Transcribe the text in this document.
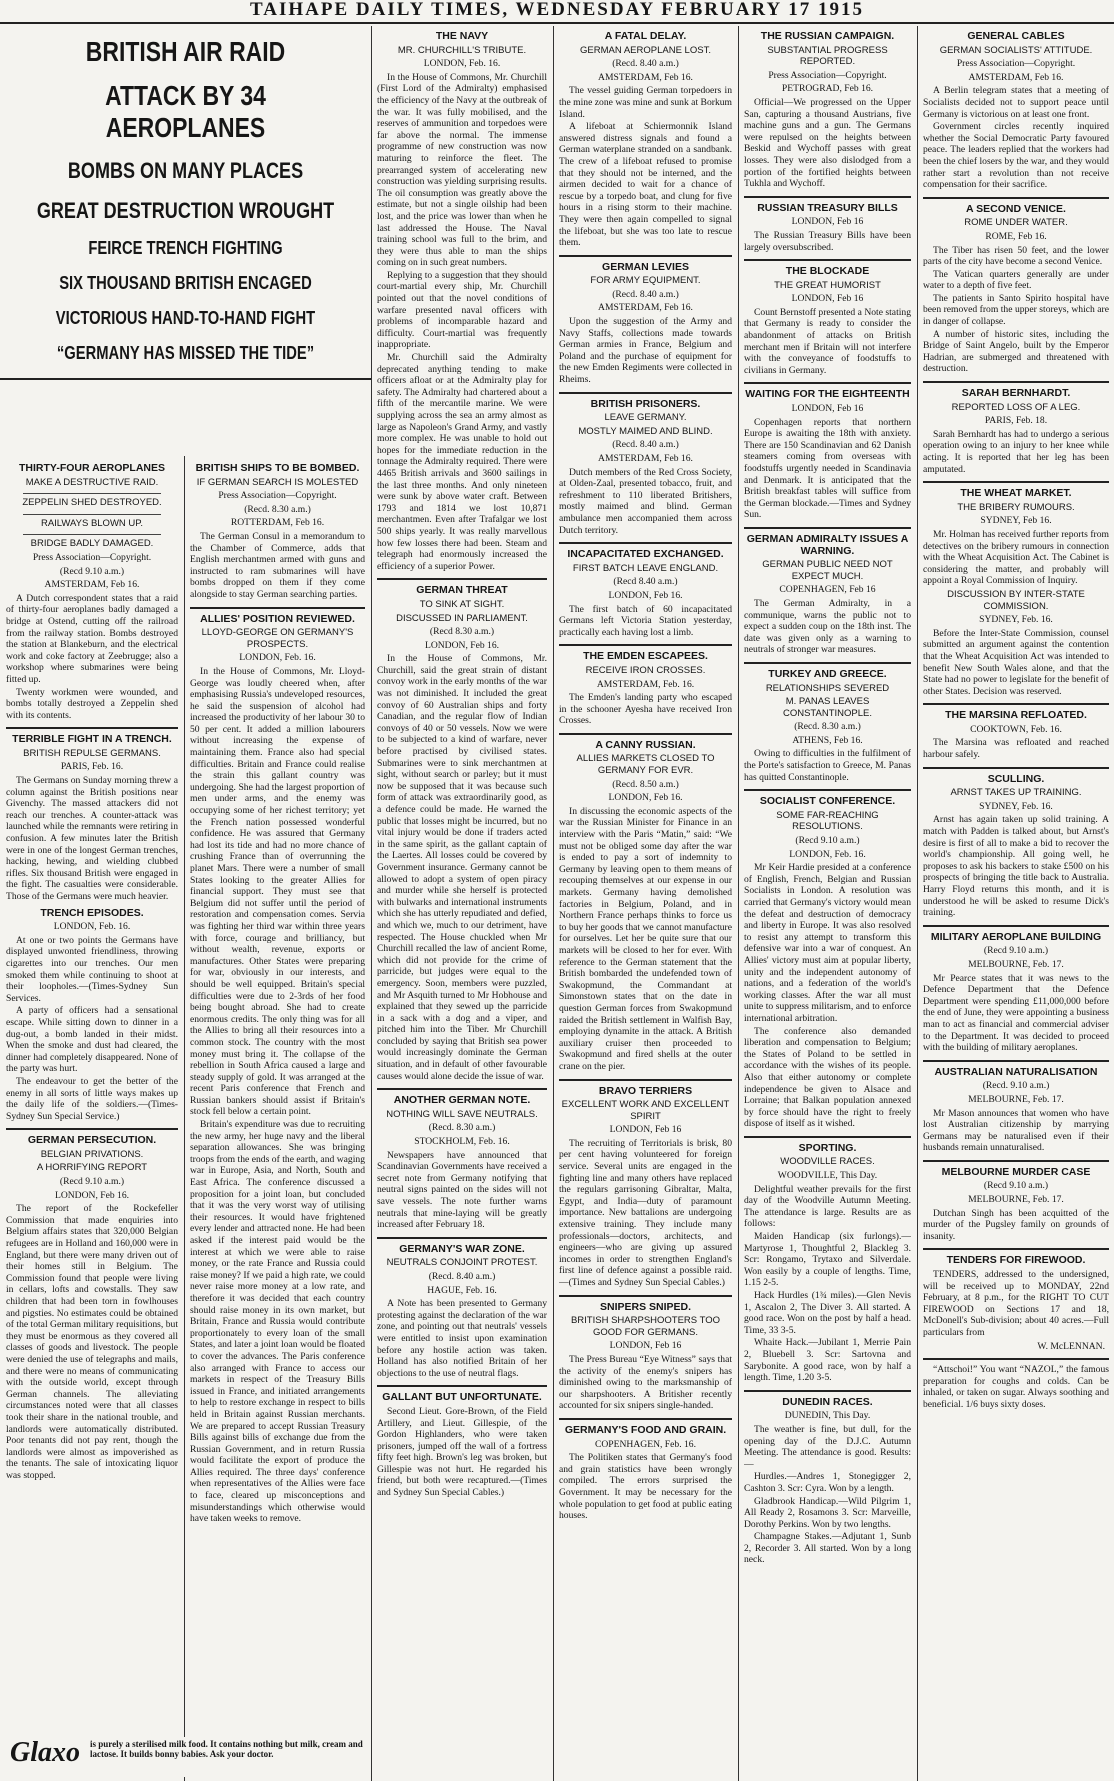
TAIHAPE DAILY TIMES, WEDNESDAY FEBRUARY 17 1915
BRITISH AIR RAID
ATTACK BY 34 AEROPLANES
BOMBS ON MANY PLACES
GREAT DESTRUCTION WROUGHT
FEIRCE TRENCH FIGHTING
SIX THOUSAND BRITISH ENCAGED
VICTORIOUS HAND-TO-HAND FIGHT
“GERMANY HAS MISSED THE TIDE”
THIRTY-FOUR AEROPLANES
MAKE A DESTRUCTIVE RAID.
ZEPPELIN SHED DESTROYED.
RAILWAYS BLOWN UP.
BRIDGE BADLY DAMAGED.
Press Association—Copyright.
(Recd 9.10 a.m.)
AMSTERDAM, Feb 16.

A Dutch correspondent states that a raid of thirty-four aeroplanes badly damaged a bridge at Ostend, cutting off the railroad from the railway station. Bombs destroyed the station at Blankeburn, and the electrical work and coke factory at Zeebrugge; also a workshop where submarines were being fitted up.

Twenty workmen were wounded, and bombs totally destroyed a Zeppelin shed with its contents.

TERRIBLE FIGHT IN A TRENCH.
BRITISH REPULSE GERMANS.
PARIS, Feb. 16.

The Germans on Sunday morning threw a column against the British positions near Givenchy. The massed attackers did not reach our trenches. A counter-attack was launched while the remnants were retiring in confusion. A few minutes later the British were in one of the longest German trenches, hacking, hewing, and wielding clubbed rifles. Six thousand British were engaged in the fight. The casualties were considerable. Those of the Germans were much heavier.

TRENCH EPISODES.
LONDON, Feb. 16.

At one or two points the Germans have displayed unwonted friendliness, throwing cigarettes into our trenches. Our men smoked them while continuing to shoot at their loopholes.—(Times-Sydney Sun Services.

A party of officers had a sensational escape. While sitting down to dinner in a dug-out, a bomb landed in their midst. When the smoke and dust had cleared, the dinner had completely disappeared. None of the party was hurt.

The endeavour to get the better of the enemy in all sorts of little ways makes up the daily life of the soldiers.—(Times-Sydney Sun Special Service.)

GERMAN PERSECUTION.
BELGIAN PRIVATIONS.
A HORRIFYING REPORT
(Recd 9.10 a.m.)
LONDON, Feb 16.

The report of the Rockefeller Commission that made enquiries into Belgium affairs states that 320,000 Belgian refugees are in Holland and 160,000 were in England, but there were many driven out of their homes still in Belgium. The Commission found that people were living in cellars, lofts and cowstalls. They saw children that had been torn in fowlhouses and pigsties. No estimates could be obtained of the total German military requisitions, but they must be enormous as they covered all classes of goods and livestock. The people were denied the use of telegraphs and mails, and there were no means of communicating with the outside world, except through German channels. The alleviating circumstances noted were that all classes took their share in the national trouble, and landlords were automatically distributed. Poor tenants did not pay rent, though the landlords were almost as impoverished as the tenants. The sale of intoxicating liquor was stopped.

BRITISH SHIPS TO BE BOMBED.
IF GERMAN SEARCH IS MOLESTED
Press Association—Copyright.
(Recd. 8.30 a.m.)
ROTTERDAM, Feb 16.

The German Consul in a memorandum to the Chamber of Commerce, adds that English merchantmen armed with guns and instructed to ram submarines will have bombs dropped on them if they come alongside to stay German searching parties.

ALLIES' POSITION REVIEWED.
LLOYD-GEORGE ON GERMANY'S PROSPECTS.
LONDON, Feb. 16.

In the House of Commons, Mr. Lloyd-George was loudly cheered when, after emphasising Russia's undeveloped resources, he said the suspension of alcohol had increased the productivity of her labour 30 to 50 per cent. It added a million labourers without increasing the expense of maintaining them. France also had special difficulties. Britain and France could realise the strain this gallant country was undergoing. She had the largest proportion of men under arms, and the enemy was occupying some of her richest territory; yet the French nation possessed wonderful confidence. He was assured that Germany had lost its tide and had no more chance of crushing France than of overrunning the planet Mars. There were a number of small States looking to the greater Allies for financial support. They must see that Belgium did not suffer until the period of restoration and compensation comes. Servia was fighting her third war within three years with force, courage and brilliancy, but without wealth, revenue, exports or manufactures. Other States were preparing for war, obviously in our interests, and should be well equipped. Britain's special difficulties were due to 2-3rds of her food being bought abroad. She had to create enormous credits. The only thing was for all the Allies to bring all their resources into a common stock. The country with the most money must bring it. The collapse of the rebellion in South Africa caused a large and steady supply of gold. It was arranged at the recent Paris conference that French and Russian bankers should assist if Britain's stock fell below a certain point.

Britain's expenditure was due to recruiting the new army, her huge navy and the liberal separation allowances. She was bringing troops from the ends of the earth, and waging war in Europe, Asia, and North, South and East Africa. The conference discussed a proposition for a joint loan, but concluded that it was the very worst way of utilising their resources. It would have frightened every lender and attracted none. He had been asked if the interest paid would be the interest at which we were able to raise money, or the rate France and Russia could raise money? If we paid a high rate, we could never raise more money at a low rate, and therefore it was decided that each country should raise money in its own market, but Britain, France and Russia would contribute proportionately to every loan of the small States, and later a joint loan would be floated to cover the advances. The Paris conference also arranged with France to access our markets in respect of the Treasury Bills issued in France, and initiated arrangements to help to restore exchange in respect to bills held in Britain against Russian merchants. We are prepared to accept Russian Treasury Bills against bills of exchange due from the Russian Government, and in return Russia would facilitate the export of produce the Allies required. The three days' conference when representatives of the Allies were face to face, cleared up misconceptions and misunderstandings which otherwise would have taken weeks to remove.

THE NAVY
MR. CHURCHILL'S TRIBUTE.
LONDON, Feb. 16.

In the House of Commons, Mr. Churchill (First Lord of the Admiralty) emphasised the efficiency of the Navy at the outbreak of the war. It was fully mobilised, and the reserves of ammunition and torpedoes were far above the normal. The immense programme of new construction was now maturing to reinforce the fleet. The prearranged system of accelerating new construction was yielding surprising results. The oil consumption was greatly above the estimate, but not a single oilship had been lost, and the price was lower than when he last addressed the House. The Naval training school was full to the brim, and they were thus able to man the ships coming on in such great numbers.

Replying to a suggestion that they should court-martial every ship, Mr. Churchill pointed out that the novel conditions of warfare presented naval officers with problems of incomparable hazard and difficulty. Court-martial was frequently inappropriate.

Mr. Churchill said the Admiralty deprecated anything tending to make officers afloat or at the Admiralty play for safety. The Admiralty had chartered about a fifth of the mercantile marine. We were supplying across the sea an army almost as large as Napoleon's Grand Army, and vastly more complex. He was unable to hold out hopes for the immediate reduction in the tonnage the Admiralty required. There were 4465 British arrivals and 3600 sailings in the last three months. And only nineteen were sunk by above water craft. Between 1793 and 1814 we lost 10,871 merchantmen. Even after Trafalgar we lost 500 ships yearly. It was really marvellous how few losses there had been. Steam and telegraph had enormously increased the efficiency of a superior Power.

GERMAN THREAT
TO SINK AT SIGHT.
DISCUSSED IN PARLIAMENT.
(Recd 8.30 a.m.)
LONDON, Feb 16.

In the House of Commons, Mr. Churchill, said the great strain of distant convoy work in the early months of the war was not diminished. It included the great convoy of 60 Australian ships and forty Canadian, and the regular flow of Indian convoys of 40 or 50 vessels. Now we were to be subjected to a kind of warfare, never before practised by civilised states. Submarines were to sink merchantmen at sight, without search or parley; but it must now be supposed that it was because such form of attack was extraordinarily good, as a defence could be made. He warned the public that losses might be incurred, but no vital injury would be done if traders acted in the same spirit, as the gallant captain of the Laertes. All losses could be covered by Government insurance. Germany cannot be allowed to adopt a system of open piracy and murder while she herself is protected with bulwarks and international instruments which she has utterly repudiated and defied, and which we, much to our detriment, have respected. The House chuckled when Mr Churchill recalled the law of ancient Rome, which did not provide for the crime of parricide, but judges were equal to the emergency. Soon, members were puzzled, and Mr Asquith turned to Mr Hobhouse and explained that they sewed up the parricide in a sack with a dog and a viper, and pitched him into the Tiber. Mr Churchill concluded by saying that British sea power would increasingly dominate the German situation, and in default of other favourable causes would alone decide the issue of war.

ANOTHER GERMAN NOTE.
NOTHING WILL SAVE NEUTRALS.
(Recd. 8.30 a.m.)
STOCKHOLM, Feb. 16.

Newspapers have announced that Scandinavian Governments have received a secret note from Germany notifying that neutral signs painted on the sides will not save vessels. The note further warns neutrals that mine-laying will be greatly increased after February 18.

GERMANY'S WAR ZONE.
NEUTRALS CONJOINT PROTEST.
(Recd. 8.40 a.m.)
HAGUE, Feb. 16.

A Note has been presented to Germany protesting against the declaration of the war zone, and pointing out that neutrals' vessels were entitled to insist upon examination before any hostile action was taken. Holland has also notified Britain of her objections to the use of neutral flags.

GALLANT BUT UNFORTUNATE.

Second Lieut. Gore-Brown, of the Field Artillery, and Lieut. Gillespie, of the Gordon Highlanders, who were taken prisoners, jumped off the wall of a fortress fifty feet high. Brown's leg was broken, but Gillespie was not hurt. He regarded his friend, but both were recaptured.—(Times and Sydney Sun Special Cables.)

A FATAL DELAY.
GERMAN AEROPLANE LOST.
(Recd. 8.40 a.m.)
AMSTERDAM, Feb 16.

The vessel guiding German torpedoers in the mine zone was mine and sunk at Borkum Island.

A lifeboat at Schiermonnik Island answered distress signals and found a German waterplane stranded on a sandbank. The crew of a lifeboat refused to promise that they should not be interned, and the airmen decided to wait for a chance of rescue by a torpedo boat, and clung for five hours in a rising storm to their machine. They were then again compelled to signal the lifeboat, but she was too late to rescue them.

GERMAN LEVIES
FOR ARMY EQUIPMENT.
(Recd. 8.40 a.m.)
AMSTERDAM, Feb 16.

Upon the suggestion of the Army and Navy Staffs, collections made towards German armies in France, Belgium and Poland and the purchase of equipment for the new Emden Regiments were collected in Rheims.

BRITISH PRISONERS.
LEAVE GERMANY.
MOSTLY MAIMED AND BLIND.
(Recd. 8.40 a.m.)
AMSTERDAM, Feb 16.

Dutch members of the Red Cross Society, at Olden-Zaal, presented tobacco, fruit, and refreshment to 110 liberated Britishers, mostly maimed and blind. German ambulance men accompanied them across Dutch territory.

INCAPACITATED EXCHANGED.
FIRST BATCH LEAVE ENGLAND.
(Recd 8.40 a.m.)
LONDON, Feb 16.

The first batch of 60 incapacitated Germans left Victoria Station yesterday, practically each having lost a limb.

THE EMDEN ESCAPEES.
RECEIVE IRON CROSSES.
AMSTERDAM, Feb. 16.

The Emden's landing party who escaped in the schooner Ayesha have received Iron Crosses.

A CANNY RUSSIAN.
ALLIES MARKETS CLOSED TO GERMANY FOR EVR.
(Recd. 8.50 a.m.)
LONDON, Feb 16.

In discussing the economic aspects of the war the Russian Minister for Finance in an interview with the Paris “Matin,” said: “We must not be obliged some day after the war is ended to pay a sort of indemnity to Germany by leaving open to them means of recouping themselves at our expense in our markets. Germany having demolished factories in Belgium, Poland, and in Northern France perhaps thinks to force us to buy her goods that we cannot manufacture for ourselves. Let her be quite sure that our markets will be closed to her for ever. With reference to the German statement that the British bombarded the undefended town of Swakopmund, the Commandant at Simonstown states that on the date in question German forces from Swakopmund raided the British settlement in Walfish Bay, employing dynamite in the attack. A British auxiliary cruiser then proceeded to Swakopmund and fired shells at the outer crane on the pier.

BRAVO TERRIERS
EXCELLENT WORK AND EXCELLENT SPIRIT
LONDON, Feb 16

The recruiting of Territorials is brisk, 80 per cent having volunteered for foreign service. Several units are engaged in the fighting line and many others have replaced the regulars garrisoning Gibraltar, Malta, Egypt, and India—duty of paramount importance. New battalions are undergoing extensive training. They include many professionals—doctors, architects, and engineers—who are giving up assured incomes in order to strengthen England's first line of defence against a possible raid.—(Times and Sydney Sun Special Cables.)

SNIPERS SNIPED.
BRITISH SHARPSHOOTERS TOO GOOD FOR GERMANS.
LONDON, Feb 16

The Press Bureau “Eye Witness” says that the activity of the enemy's snipers has diminished owing to the marksmanship of our sharpshooters. A Britisher recently accounted for six snipers single-handed.

GERMANY'S FOOD AND GRAIN.
COPENHAGEN, Feb. 16.

The Politiken states that Germany's food and grain statistics have been wrongly compiled. The errors surprised the Government. It may be necessary for the whole population to get food at public eating houses.

THE RUSSIAN CAMPAIGN.
SUBSTANTIAL PROGRESS REPORTED.
Press Association—Copyright.
PETROGRAD, Feb 16.

Official—We progressed on the Upper San, capturing a thousand Austrians, five machine guns and a gun. The Germans were repulsed on the heights between Beskid and Wychoff passes with great losses. They were also dislodged from a portion of the fortified heights between Tukhla and Wychoff.

RUSSIAN TREASURY BILLS
LONDON, Feb 16

The Russian Treasury Bills have been largely oversubscribed.

THE BLOCKADE
THE GREAT HUMORIST
LONDON, Feb 16

Count Bernstoff presented a Note stating that Germany is ready to consider the abandonment of attacks on British merchant men if Britain will not interfere with the conveyance of foodstuffs to civilians in Germany.

WAITING FOR THE EIGHTEENTH
LONDON, Feb 16

Copenhagen reports that northern Europe is awaiting the 18th with anxiety. There are 150 Scandinavian and 62 Danish steamers coming from overseas with foodstuffs urgently needed in Scandinavia and Denmark. It is anticipated that the British breakfast tables will suffice from the German blockade.—Times and Sydney Sun.

GERMAN ADMIRALTY ISSUES A WARNING.
GERMAN PUBLIC NEED NOT EXPECT MUCH.
COPENHAGEN, Feb 16

The German Admiralty, in a communique, warns the public not to expect a sudden coup on the 18th inst. The date was given only as a warning to neutrals of stronger war measures.

TURKEY AND GREECE.
RELATIONSHIPS SEVERED
M. PANAS LEAVES CONSTANTINOPLE.
(Recd. 8.30 a.m.)
ATHENS, Feb 16.

Owing to difficulties in the fulfilment of the Porte's satisfaction to Greece, M. Panas has quitted Constantinople.

SOCIALIST CONFERENCE.
SOME FAR-REACHING RESOLUTIONS.
(Recd 9.10 a.m.)
LONDON, Feb. 16.

Mr Keir Hardie presided at a conference of English, French, Belgian and Russian Socialists in London. A resolution was carried that Germany's victory would mean the defeat and destruction of democracy and liberty in Europe. It was also resolved to resist any attempt to transform this defensive war into a war of conquest. An Allies' victory must aim at popular liberty, unity and the independent autonomy of nations, and a federation of the world's working classes. After the war all must unite to suppress militarism, and to enforce international arbitration.

The conference also demanded liberation and compensation to Belgium; the States of Poland to be settled in accordance with the wishes of its people. Also that either autonomy or complete independence be given to Alsace and Lorraine; that Balkan population annexed by force should have the right to freely dispose of itself as it wished.

SPORTING.
WOODVILLE RACES.
WOODVILLE, This Day.

Delightful weather prevails for the first day of the Woodville Autumn Meeting. The attendance is large. Results are as follows:

Maiden Handicap (six furlongs).—Martyrose 1, Thoughtful 2, Blackleg 3. Scr: Rongamo, Trytaxo and Silverdale. Won easily by a couple of lengths. Time, 1.15 2-5.

Hack Hurdles (1¾ miles).—Glen Nevis 1, Ascalon 2, The Diver 3. All started. A good race. Won on the post by half a head. Time, 33 3-5.

Whaite Hack.—Jubilant 1, Merrie Pain 2, Bluebell 3. Scr: Sartovna and Sarybonite. A good race, won by half a length. Time, 1.20 3-5.

DUNEDIN RACES.
DUNEDIN, This Day.

The weather is fine, but dull, for the opening day of the D.J.C. Autumn Meeting. The attendance is good. Results:—

Hurdles.—Andres 1, Stonegigger 2, Cashton 3. Scr: Cyra. Won by a length.

Gladbrook Handicap.—Wild Pilgrim 1, All Ready 2, Rosamons 3. Scr: Marveille, Dorothy Perkins. Won by two lengths.

Champagne Stakes.—Adjutant 1, Sunb 2, Recorder 3. All started. Won by a long neck.

GENERAL CABLES
GERMAN SOCIALISTS' ATTITUDE.
Press Association—Copyright.
AMSTERDAM, Feb 16.

A Berlin telegram states that a meeting of Socialists decided not to support peace until Germany is victorious on at least one front.

Government circles recently inquired whether the Social Democratic Party favoured peace. The leaders replied that the workers had been the chief losers by the war, and they would rather start a revolution than not receive compensation for their sacrifice.

A SECOND VENICE.
ROME UNDER WATER.
ROME, Feb 16.

The Tiber has risen 50 feet, and the lower parts of the city have become a second Venice.

The Vatican quarters generally are under water to a depth of five feet.

The patients in Santo Spirito hospital have been removed from the upper storeys, which are in danger of collapse.

A number of historic sites, including the Bridge of Saint Angelo, built by the Emperor Hadrian, are submerged and threatened with destruction.

SARAH BERNHARDT.
REPORTED LOSS OF A LEG.
PARIS, Feb. 18.

Sarah Bernhardt has had to undergo a serious operation owing to an injury to her knee while acting. It is reported that her leg has been amputated.

THE WHEAT MARKET.
THE BRIBERY RUMOURS.
SYDNEY, Feb 16.

Mr. Holman has received further reports from detectives on the bribery rumours in connection with the Wheat Acquisition Act. The Cabinet is considering the matter, and probably will appoint a Royal Commission of Inquiry.

DISCUSSION BY INTER-STATE COMMISSION.
SYDNEY, Feb. 16.

Before the Inter-State Commission, counsel submitted an argument against the contention that the Wheat Acquisition Act was intended to benefit New South Wales alone, and that the State had no power to legislate for the benefit of other States. Decision was reserved.

THE MARSINA REFLOATED.
COOKTOWN, Feb. 16.

The Marsina was refloated and reached harbour safely.

SCULLING.
ARNST TAKES UP TRAINING.
SYDNEY, Feb. 16.

Arnst has again taken up solid training. A match with Padden is talked about, but Arnst's desire is first of all to make a bid to recover the world's championship. All going well, he proposes to ask his backers to stake £500 on his prospects of bringing the title back to Australia. Harry Floyd returns this month, and it is understood he will be asked to resume Dick's training.

MILITARY AEROPLANE BUILDING
(Recd 9.10 a.m.)
MELBOURNE, Feb. 17.

Mr Pearce states that it was news to the Defence Department that the Defence Department were spending £11,000,000 before the end of June, they were appointing a business man to act as financial and commercial adviser to the Department. It was decided to proceed with the building of military aeroplanes.

AUSTRALIAN NATURALISATION
(Recd. 9.10 a.m.)
MELBOURNE, Feb. 17.

Mr Mason announces that women who have lost Australian citizenship by marrying Germans may be naturalised even if their husbands remain unnaturalised.

MELBOURNE MURDER CASE
(Recd 9.10 a.m.)
MELBOURNE, Feb. 17.

Dutchan Singh has been acquitted of the murder of the Pugsley family on grounds of insanity.

TENDERS FOR FIREWOOD.

TENDERS, addressed to the undersigned, will be received up to MONDAY, 22nd February, at 8 p.m., for the RIGHT TO CUT FIREWOOD on Sections 17 and 18, McDonell's Sub-division; about 40 acres.—Full particulars from

W. McLENNAN.

“Attschoi!” You want “NAZOL,” the famous preparation for coughs and colds. Can be inhaled, or taken on sugar. Always soothing and beneficial. 1/6 buys sixty doses.

Glaxo is purely a sterilised milk food. It contains nothing but milk, cream and lactose. It builds bonny babies. Ask your doctor.
